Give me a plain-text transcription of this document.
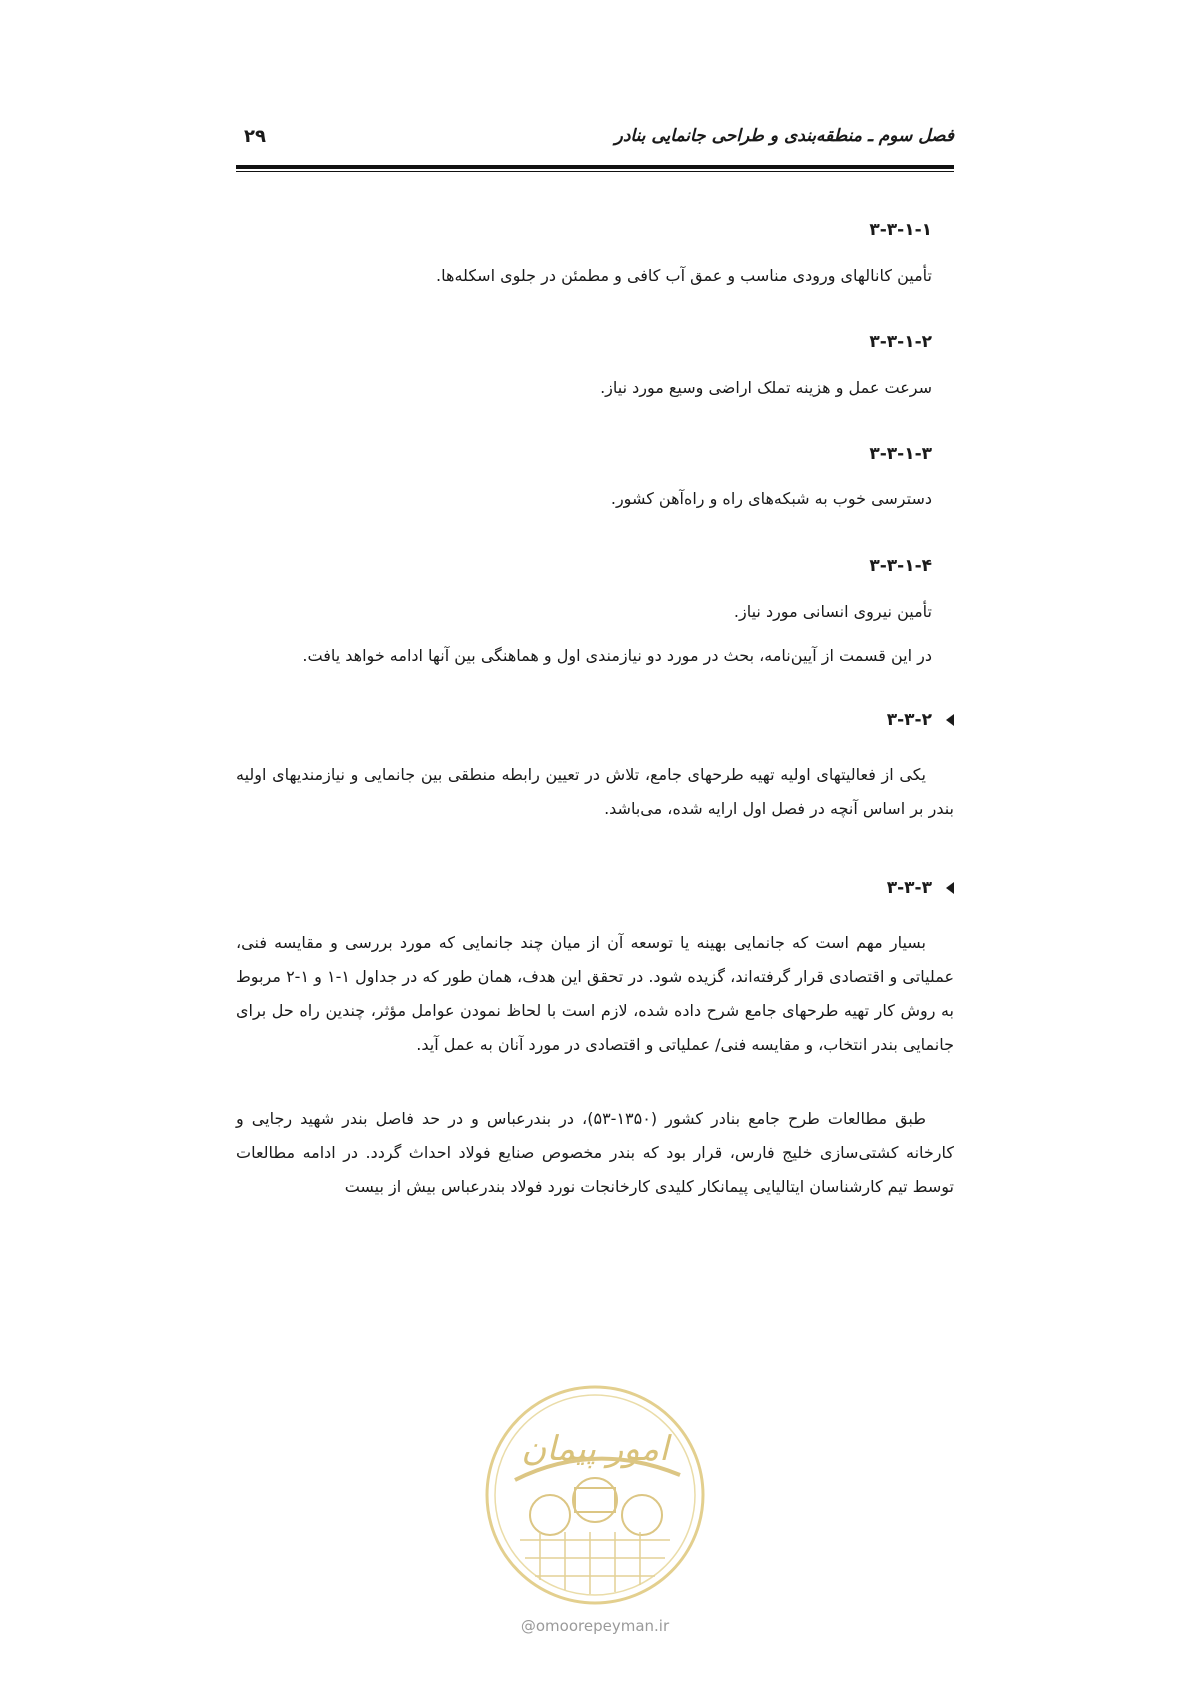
فصل سوم ـ منطقه‌بندی و طراحی جانمایی بنادر
۲۹
۳-۳-۱-۱
تأمین کانالهای ورودی مناسب و عمق آب کافی و مطمئن در جلوی اسکله‌ها.
۳-۳-۱-۲
سرعت عمل و هزینه تملک اراضی وسیع مورد نیاز.
۳-۳-۱-۳
دسترسی خوب به شبکه‌های راه و راه‌آهن کشور.
۳-۳-۱-۴
تأمین نیروی انسانی مورد نیاز.
در این قسمت از آیین‌نامه، بحث در مورد دو نیازمندی اول و هماهنگی بین آنها ادامه خواهد یافت.
۳-۳-۲
یکی از فعالیتهای اولیه تهیه طرحهای جامع، تلاش در تعیین رابطه منطقی بین جانمایی و نیازمندیهای اولیه بندر بر اساس آنچه در فصل اول ارایه شده، می‌باشد.
۳-۳-۳
بسیار مهم است که جانمایی بهینه یا توسعه آن از میان چند جانمایی که مورد بررسی و مقایسه فنی، عملیاتی و اقتصادی قرار گرفته‌اند، گزیده شود. در تحقق این هدف، همان طور که در جداول ۱-۱ و ۱-۲ مربوط به روش کار تهیه طرحهای جامع شرح داده شده، لازم است با لحاظ نمودن عوامل مؤثر، چندین راه حل برای جانمایی بندر انتخاب، و مقایسه فنی/ عملیاتی و اقتصادی در مورد آنان به عمل آید.
طبق مطالعات طرح جامع بنادر کشور (۱۳۵۰-۵۳)، در بندرعباس و در حد فاصل بندر شهید رجایی و کارخانه کشتی‌سازی خلیج فارس، قرار بود که بندر مخصوص صنایع فولاد احداث گردد. در ادامه مطالعات توسط تیم کارشناسان ایتالیایی پیمانکار کلیدی کارخانجات نورد فولاد بندرعباس بیش از بیست
امور پیمان
@omoorepeyman.ir
